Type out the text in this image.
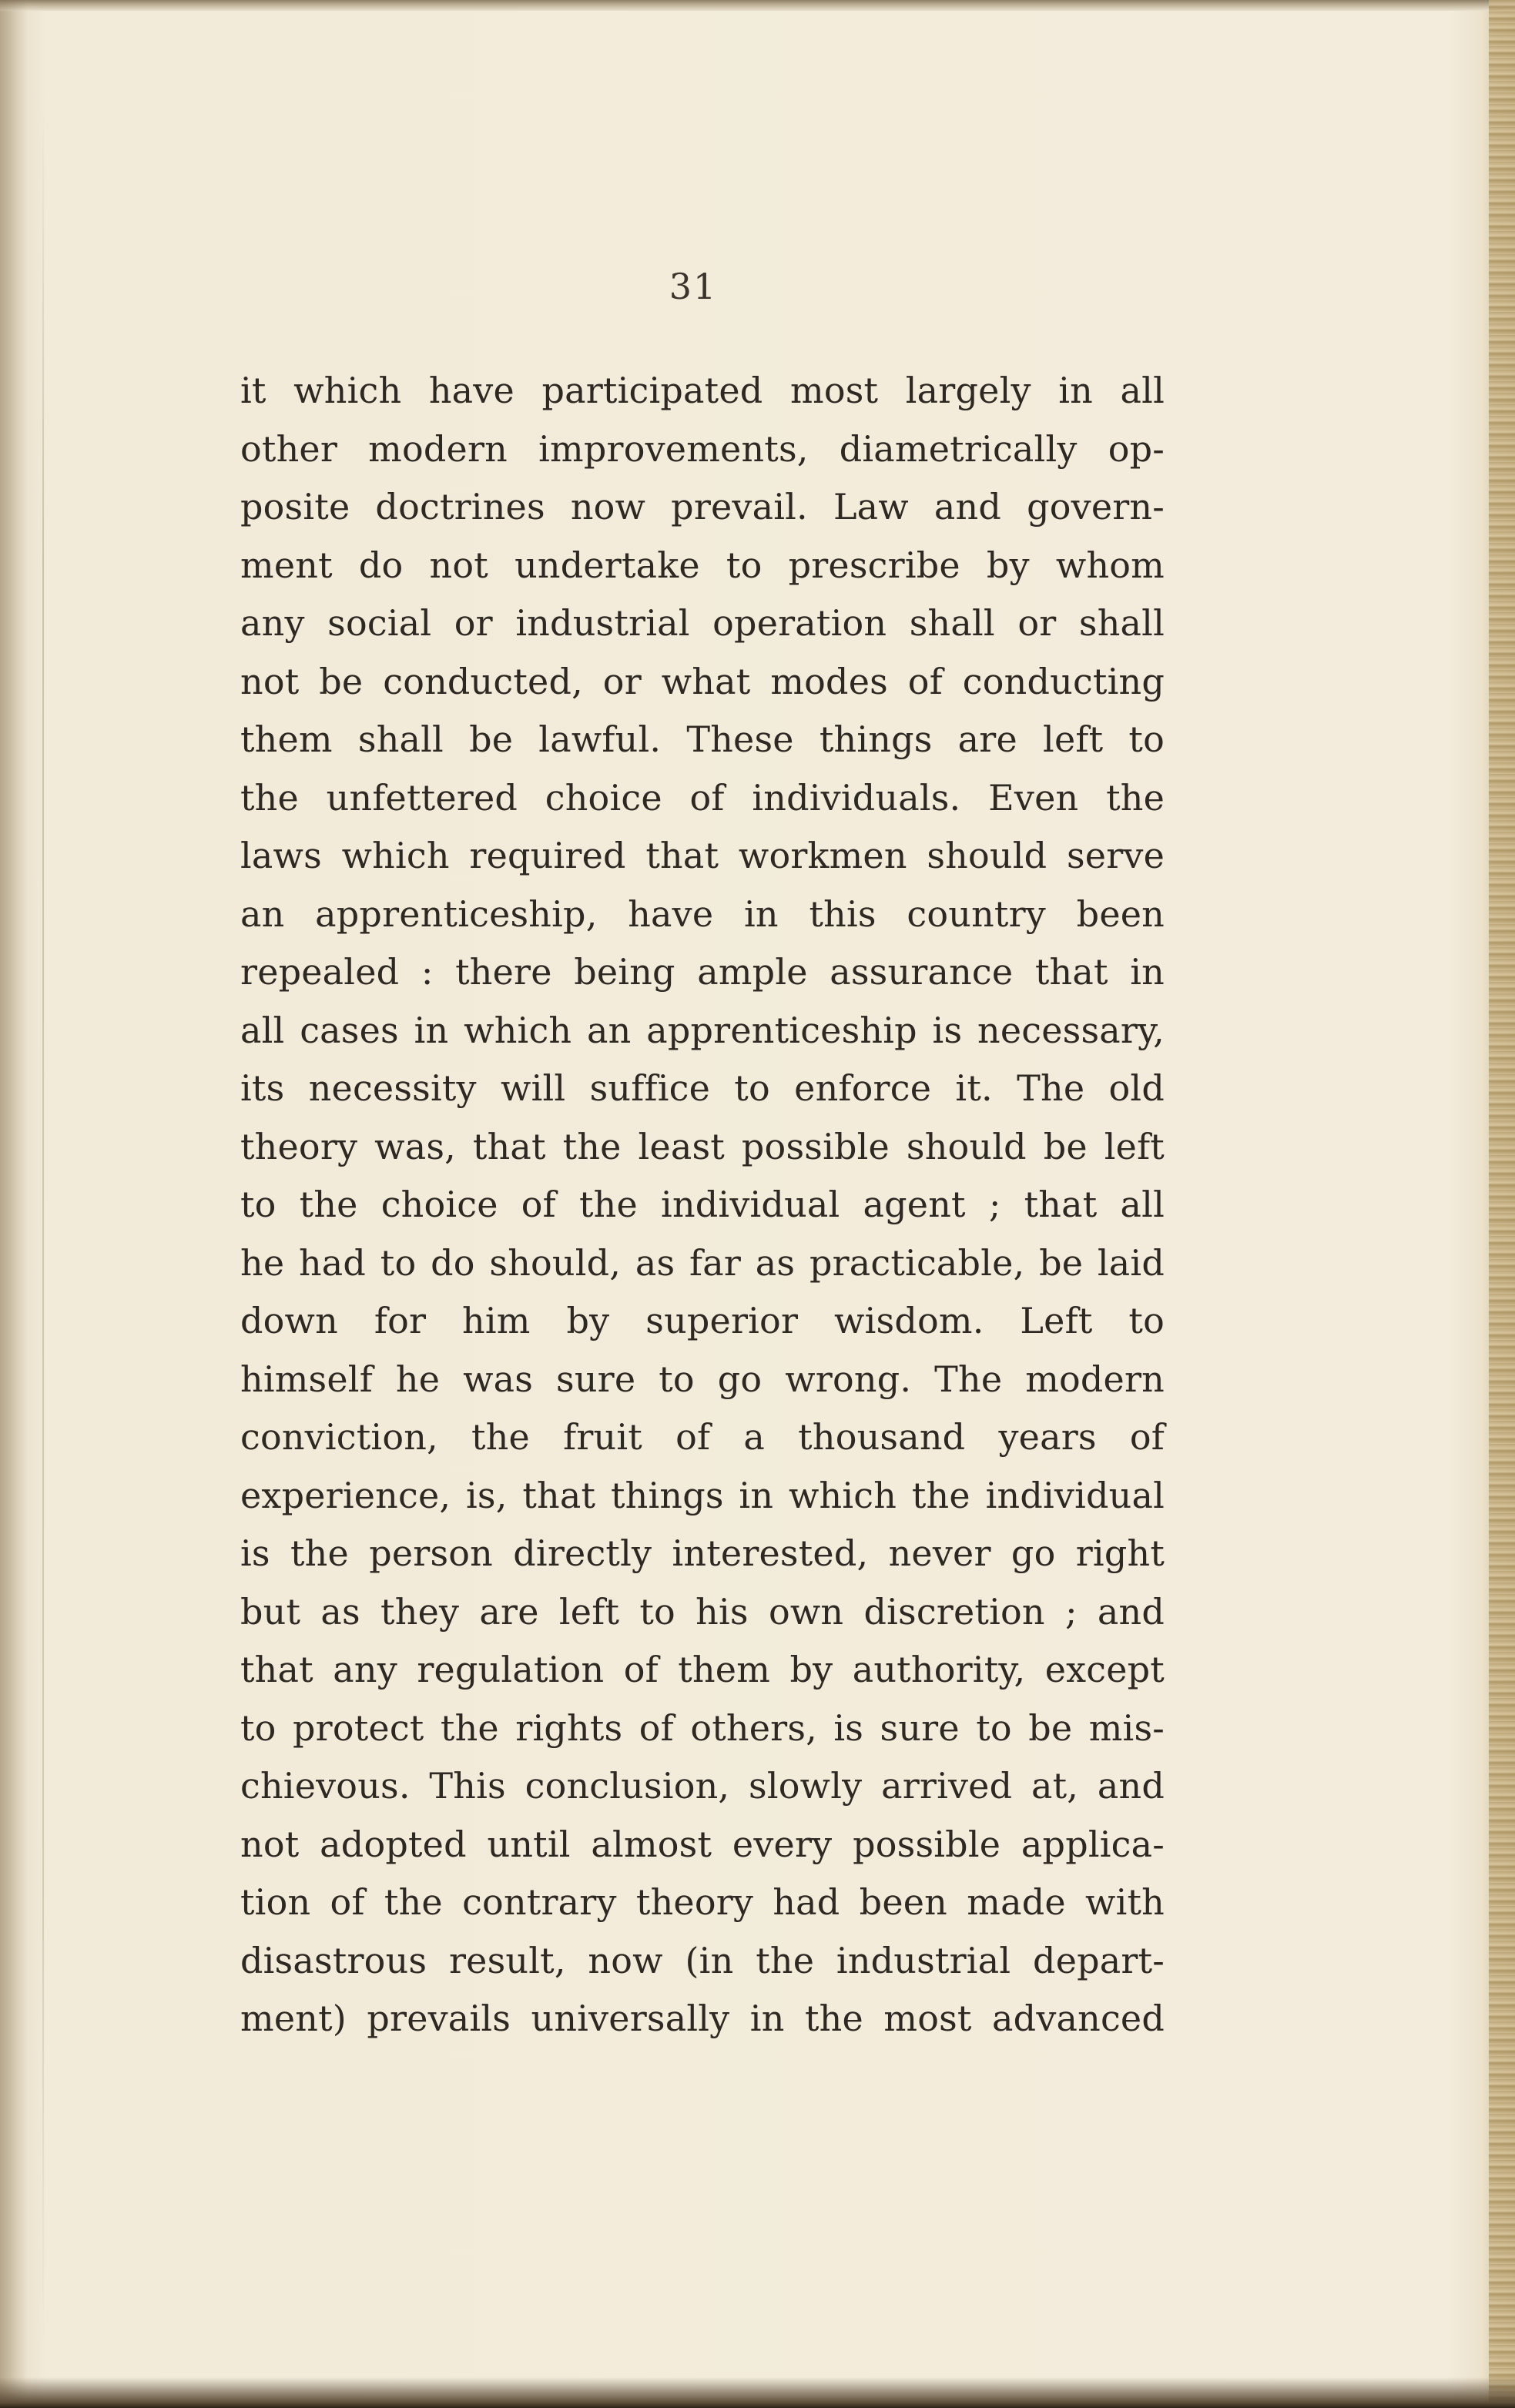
31
it which have participated most largely in all
other modern improvements, diametrically op-
posite doctrines now prevail. Law and govern-
ment do not undertake to prescribe by whom
any social or industrial operation shall or shall
not be conducted, or what modes of conducting
them shall be lawful. These things are left to
the unfettered choice of individuals. Even the
laws which required that workmen should serve
an apprenticeship, have in this country been
repealed : there being ample assurance that in
all cases in which an apprenticeship is necessary,
its necessity will suffice to enforce it. The old
theory was, that the least possible should be left
to the choice of the individual agent ; that all
he had to do should, as far as practicable, be laid
down for him by superior wisdom. Left to
himself he was sure to go wrong. The modern
conviction, the fruit of a thousand years of
experience, is, that things in which the individual
is the person directly interested, never go right
but as they are left to his own discretion ; and
that any regulation of them by authority, except
to protect the rights of others, is sure to be mis-
chievous. This conclusion, slowly arrived at, and
not adopted until almost every possible applica-
tion of the contrary theory had been made with
disastrous result, now (in the industrial depart-
ment) prevails universally in the most advanced
